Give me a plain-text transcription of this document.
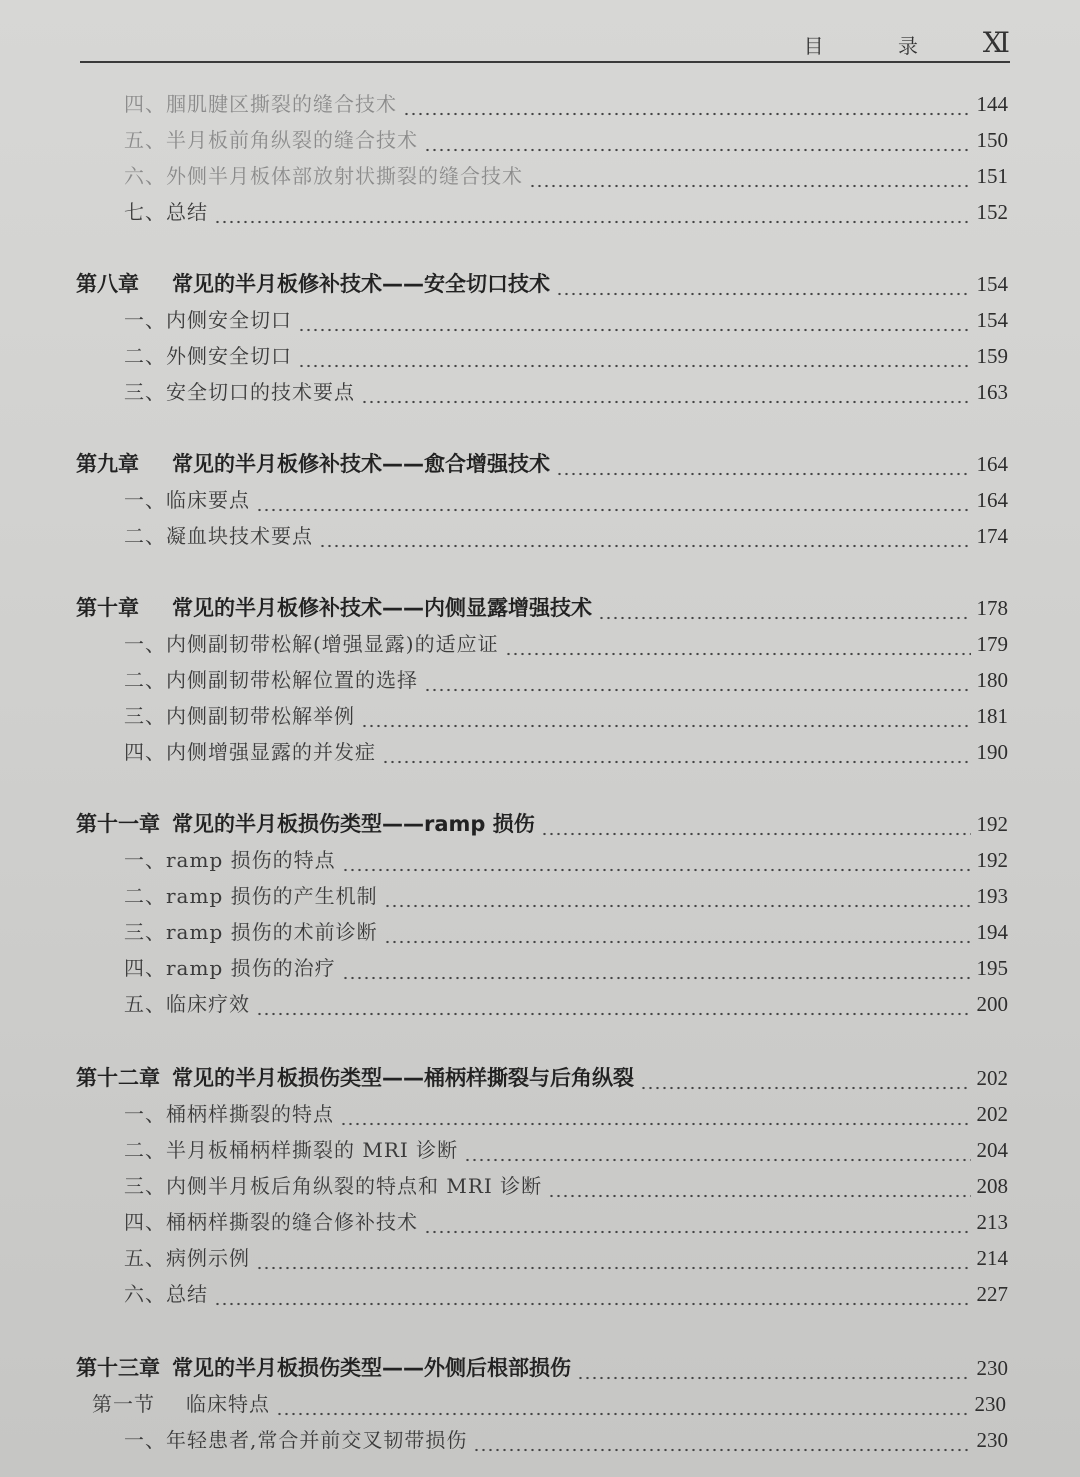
目 录 Ⅺ
四、 腘肌腱区撕裂的缝合技术	144
五、 半月板前角纵裂的缝合技术	150
六、 外侧半月板体部放射状撕裂的缝合技术	151
七、 总结	152
第八章	常见的半月板修补技术——安全切口技术	154
一、 内侧安全切口	154
二、 外侧安全切口	159
三、 安全切口的技术要点	163
第九章	常见的半月板修补技术——愈合增强技术	164
一、 临床要点	164
二、 凝血块技术要点	174
第十章	常见的半月板修补技术——内侧显露增强技术	178
一、 内侧副韧带松解(增强显露)的适应证	179
二、 内侧副韧带松解位置的选择	180
三、 内侧副韧带松解举例	181
四、 内侧增强显露的并发症	190
第十一章 常见的半月板损伤类型——ramp 损伤	192
一、 ramp 损伤的特点	192
二、 ramp 损伤的产生机制	193
三、 ramp 损伤的术前诊断	194
四、 ramp 损伤的治疗	195
五、 临床疗效	200
第十二章 常见的半月板损伤类型——桶柄样撕裂与后角纵裂	202
一、 桶柄样撕裂的特点	202
二、 半月板桶柄样撕裂的 MRI 诊断	204
三、 内侧半月板后角纵裂的特点和 MRI 诊断	208
四、 桶柄样撕裂的缝合修补技术	213
五、 病例示例	214
六、 总结	227
第十三章 常见的半月板损伤类型——外侧后根部损伤	230
第一节	临床特点	230
一、 年轻患者,常合并前交叉韧带损伤	230
